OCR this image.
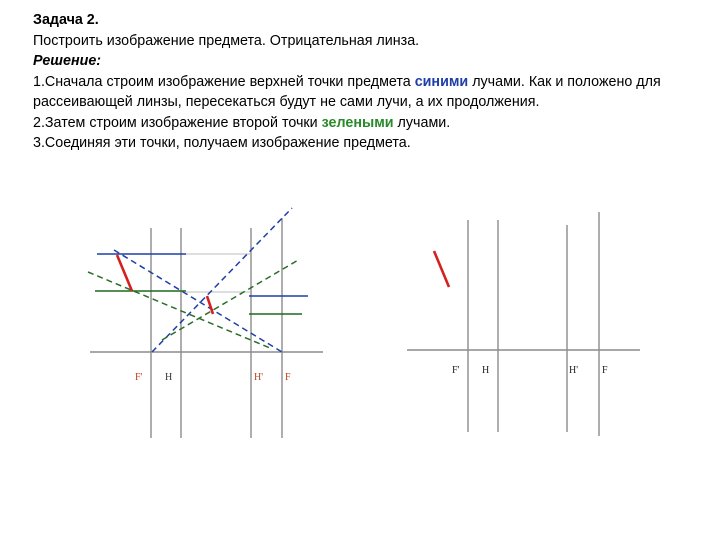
Задача 2.

Построить изображение предмета. Отрицательная линза.

Решение:

1.Сначала строим изображение верхней точки предмета синими лучами. Как и положено для рассеивающей линзы, пересекаться будут не сами лучи, а их продолжения.

2.Затем строим изображение второй точки зелеными лучами.

3.Соединяя эти точки, получаем изображение предмета.

F' H	H' F
F' H	H' F
